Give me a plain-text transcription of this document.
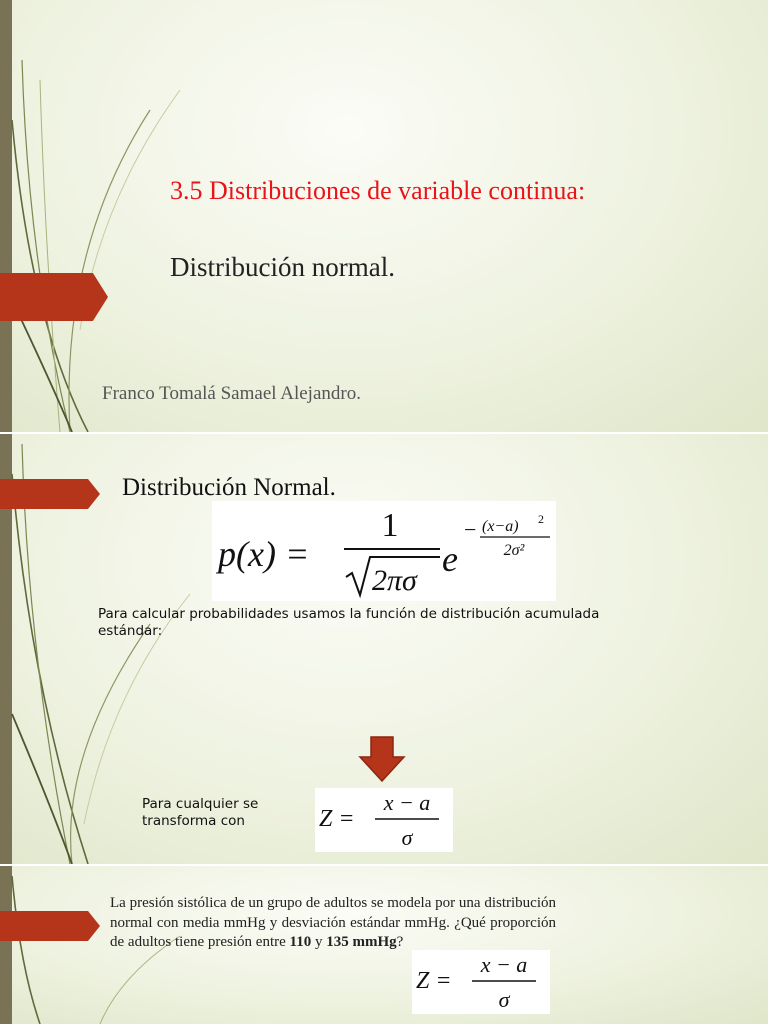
3.5 Distribuciones de variable continua:
Distribución normal.
Franco Tomalá Samael Alejandro.
Distribución Normal.
p(x) =
1
2πσ
e
− (x−a) 2
2σ²
Para calcular probabilidades usamos la función de distribución acumulada estándar:
Para cualquier se transforma con	Z =
x − a
σ
La presión sistólica de un grupo de adultos se modela por una distribución normal con media mmHg y desviación estándar mmHg. ¿Qué proporción de adultos tiene presión entre 110 y 135 mmHg?
Z =
x − a
σ
